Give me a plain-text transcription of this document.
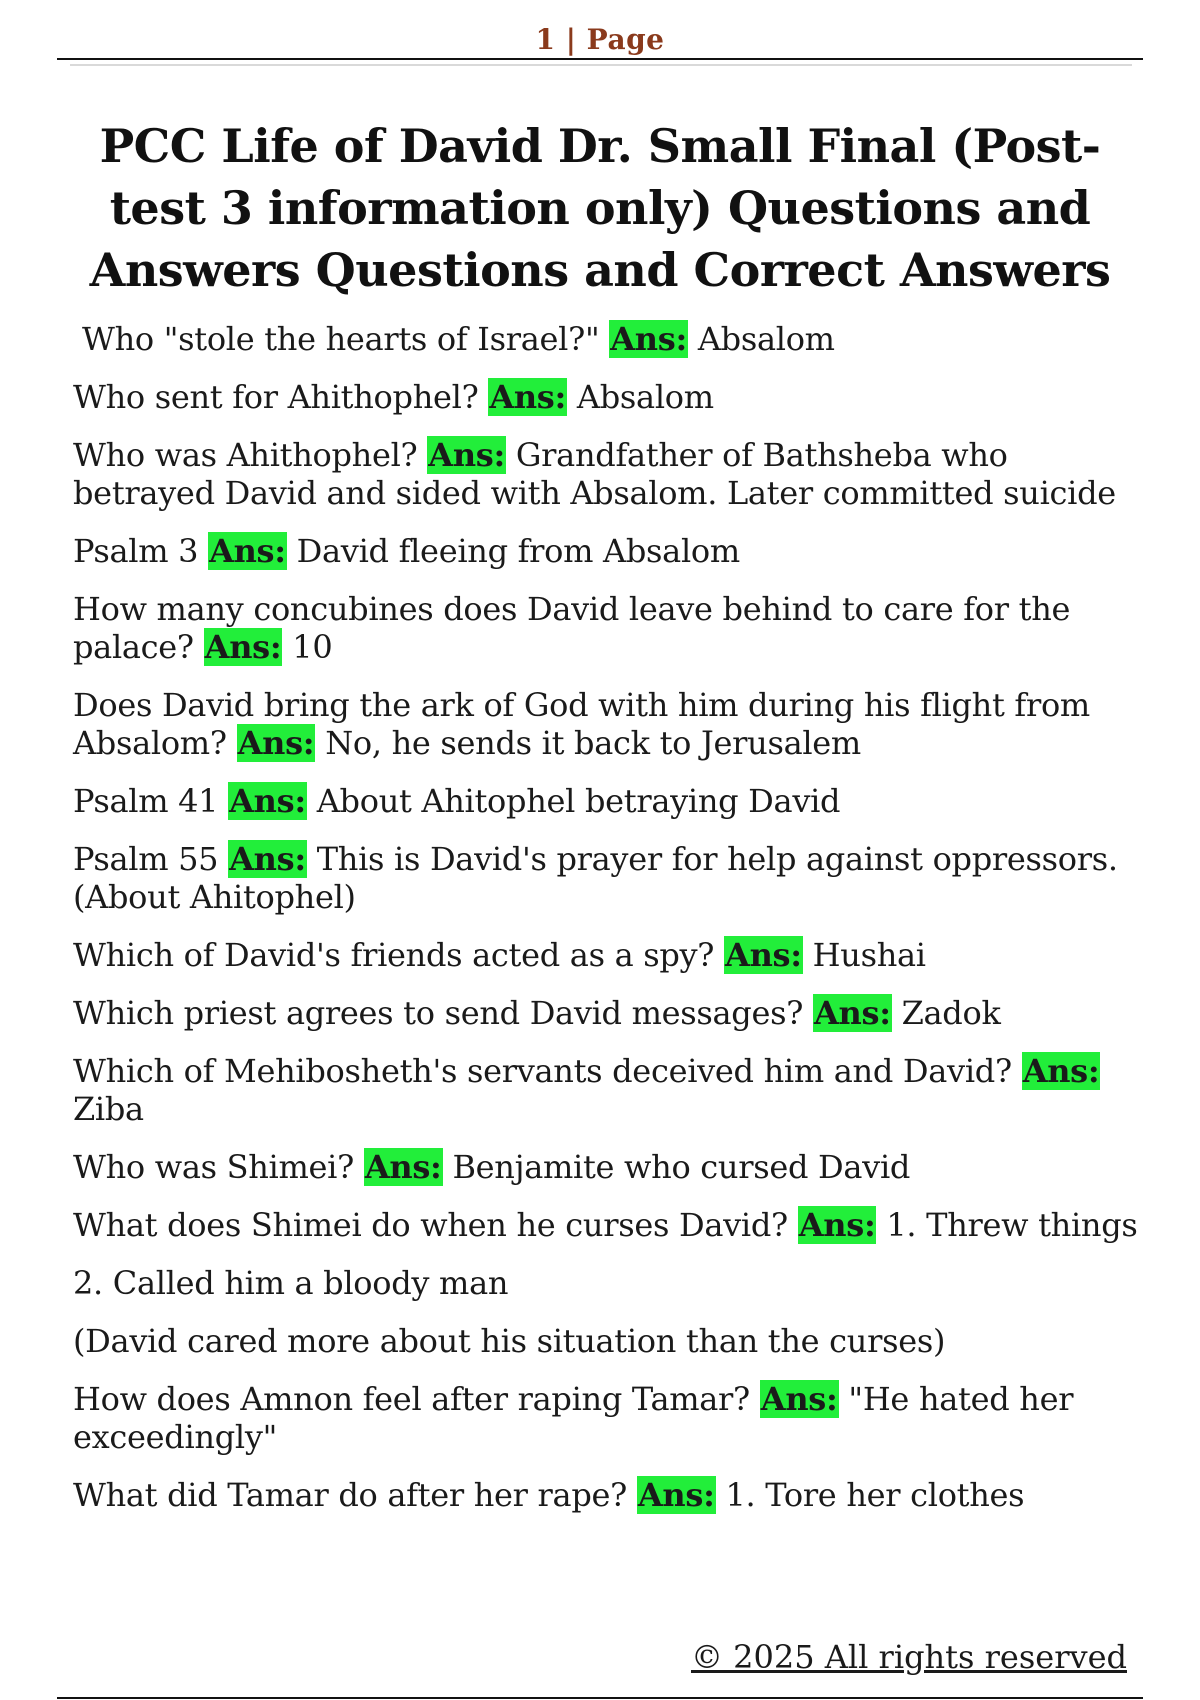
1 | Page
PCC Life of David Dr. Small Final (Post-test 3 information only) Questions and Answers Questions and Correct Answers

Who "stole the hearts of Israel?" Ans: Absalom

Who sent for Ahithophel? Ans: Absalom

Who was Ahithophel? Ans: Grandfather of Bathsheba who betrayed David and sided with Absalom. Later committed suicide

Psalm 3 Ans: David fleeing from Absalom

How many concubines does David leave behind to care for the palace? Ans: 10

Does David bring the ark of God with him during his flight from Absalom? Ans: No, he sends it back to Jerusalem

Psalm 41 Ans: About Ahitophel betraying David

Psalm 55 Ans: This is David's prayer for help against oppressors. (About Ahitophel)

Which of David's friends acted as a spy? Ans: Hushai

Which priest agrees to send David messages? Ans: Zadok

Which of Mehibosheth's servants deceived him and David? Ans: Ziba

Who was Shimei? Ans: Benjamite who cursed David

What does Shimei do when he curses David? Ans: 1. Threw things

2. Called him a bloody man

(David cared more about his situation than the curses)

How does Amnon feel after raping Tamar? Ans: "He hated her exceedingly"

What did Tamar do after her rape? Ans: 1. Tore her clothes

© 2025 All rights reserved
